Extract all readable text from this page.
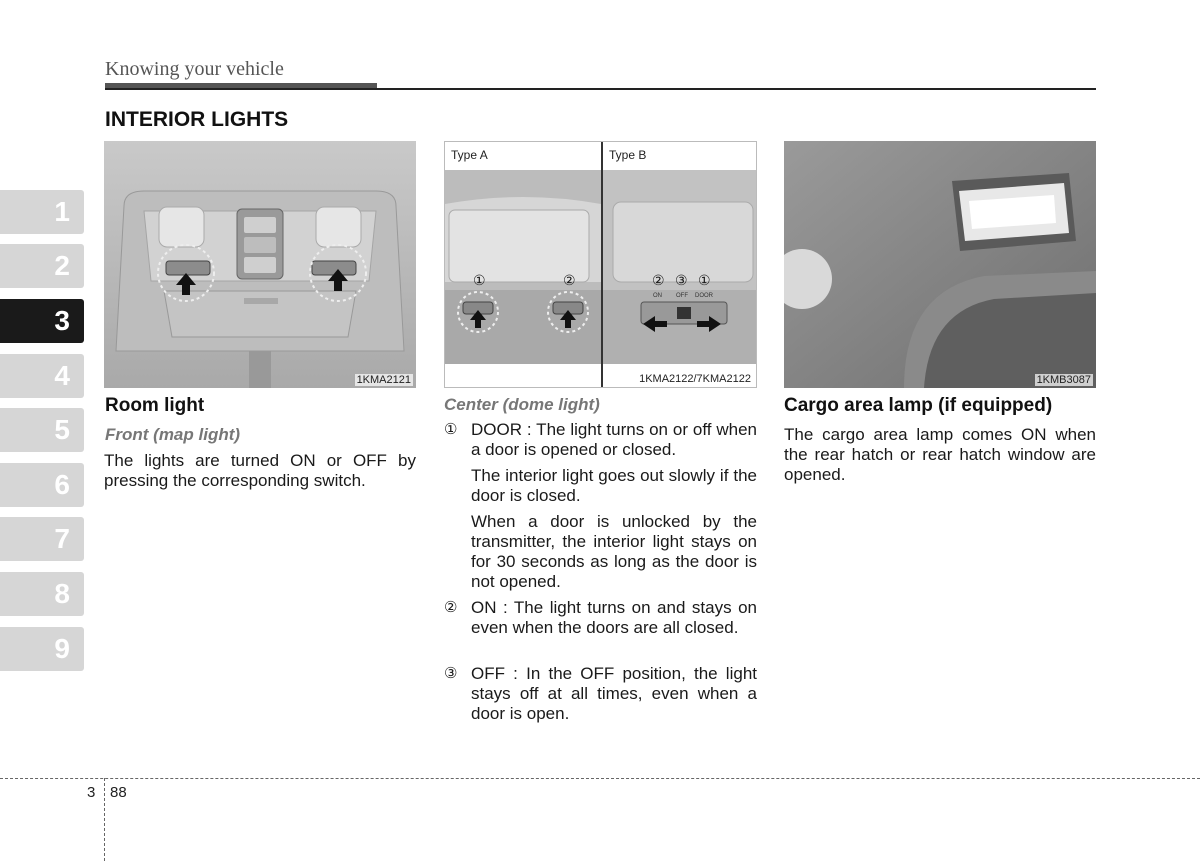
Knowing your vehicle
INTERIOR LIGHTS
1
2
3
4
5
6
7
8
9
1KMA2121
Type A	Type B
①	②	② ③ ①
ON OFF DOOR
1KMA2122/7KMA2122	1KMB3087
Room light
Front (map light)
The lights are turned ON or OFF by pressing the corresponding switch.
Center (dome light)
① DOOR : The light turns on or off when a door is opened or closed.

The interior light goes out slowly if the door is closed.

When a door is unlocked by the transmitter, the interior light stays on for 30 seconds as long as the door is not opened.

② ON : The light turns on and stays on even when the doors are all closed.

③ OFF : In the OFF position, the light stays off at all times, even when a door is open.

Cargo area lamp (if equipped)
The cargo area lamp comes ON when the rear hatch or rear hatch window are opened.
3 88
